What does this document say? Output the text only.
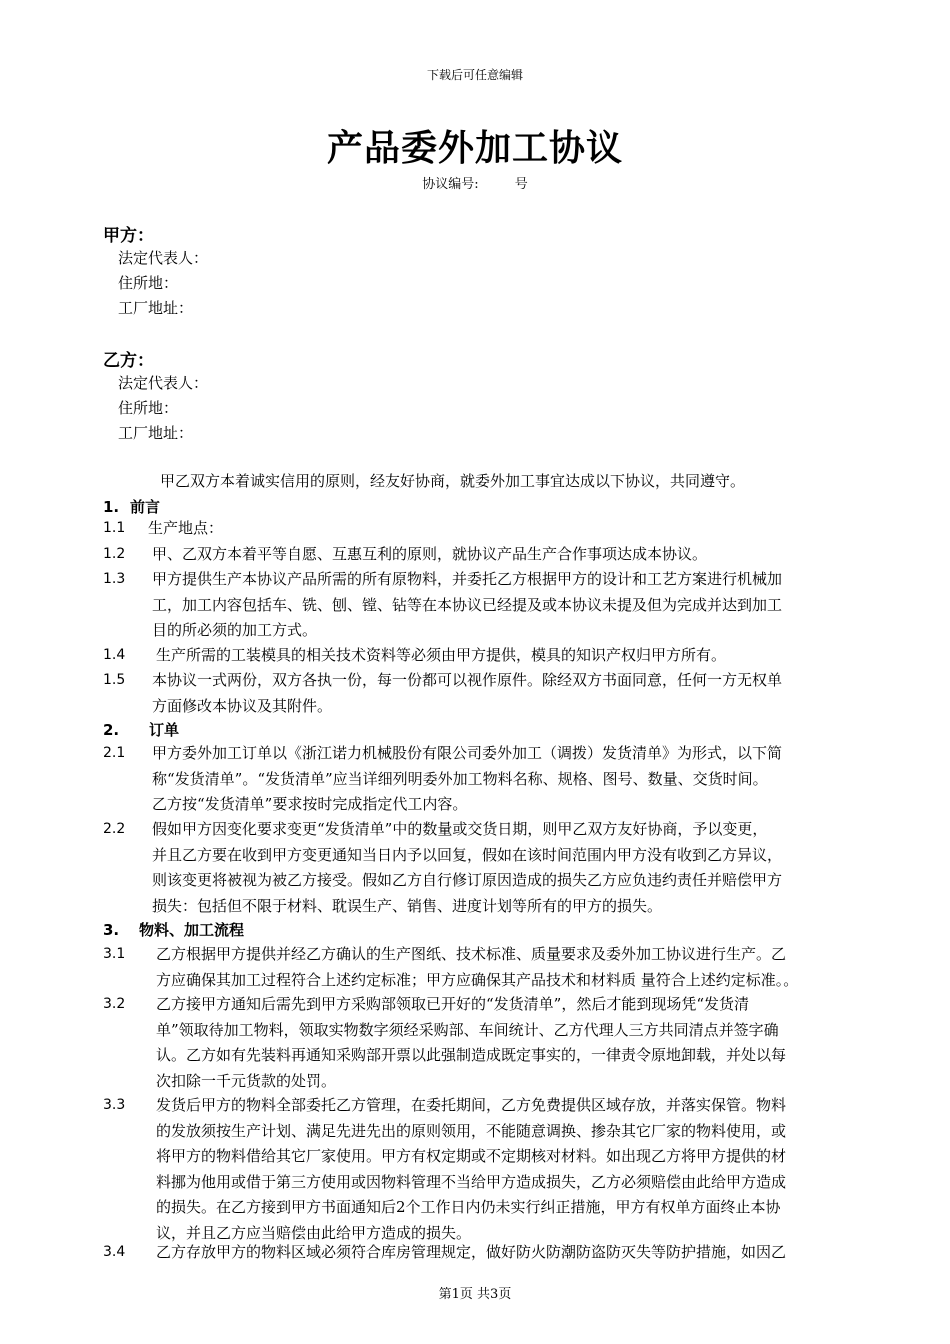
下载后可任意编辑
产品委外加工协议
协议编号:	号
甲方：
法定代表人：
住所地：
工厂地址：
乙方：
法定代表人：
住所地：
工厂地址：
甲乙双方本着诚实信用的原则，经友好协商，就委外加工事宜达成以下协议，共同遵守。
1. 前言
1.1	生产地点：
1.2	甲、乙双方本着平等自愿、互惠互利的原则，就协议产品生产合作事项达成本协议。
1.3	甲方提供生产本协议产品所需的所有原物料，并委托乙方根据甲方的设计和工艺方案进行机械加
工，加工内容包括车、铣、刨、镗、钻等在本协议已经提及或本协议未提及但为完成并达到加工
目的所必须的加工方式。
1.4	生产所需的工装模具的相关技术资料等必须由甲方提供，模具的知识产权归甲方所有。
1.5	本协议一式两份，双方各执一份，每一份都可以视作原件。除经双方书面同意，任何一方无权单
方面修改本协议及其附件。
2. 订单
2.1	甲方委外加工订单以《浙江诺力机械股份有限公司委外加工（调拨）发货清单》为形式，以下简
称“发货清单”。“发货清单”应当详细列明委外加工物料名称、规格、图号、数量、交货时间。
乙方按“发货清单”要求按时完成指定代工内容。
2.2	假如甲方因变化要求变更“发货清单”中的数量或交货日期，则甲乙双方友好协商，予以变更，
并且乙方要在收到甲方变更通知当日内予以回复，假如在该时间范围内甲方没有收到乙方异议，
则该变更将被视为被乙方接受。假如乙方自行修订原因造成的损失乙方应负违约责任并赔偿甲方
损失：包括但不限于材料、耽误生产、销售、进度计划等所有的甲方的损失。
3. 物料、加工流程
3.1	乙方根据甲方提供并经乙方确认的生产图纸、技术标准、质量要求及委外加工协议进行生产。乙
方应确保其加工过程符合上述约定标准；甲方应确保其产品技术和材料质 量符合上述约定标准。。
3.2	乙方接甲方通知后需先到甲方采购部领取已开好的“发货清单”，然后才能到现场凭“发货清
单”领取待加工物料，领取实物数字须经采购部、车间统计、乙方代理人三方共同清点并签字确
认。乙方如有先装料再通知采购部开票以此强制造成既定事实的，一律责令原地卸载，并处以每
次扣除一千元货款的处罚。
3.3	发货后甲方的物料全部委托乙方管理，在委托期间，乙方免费提供区域存放，并落实保管。物料
的发放须按生产计划、满足先进先出的原则领用，不能随意调换、掺杂其它厂家的物料使用，或
将甲方的物料借给其它厂家使用。甲方有权定期或不定期核对材料。如出现乙方将甲方提供的材
料挪为他用或借于第三方使用或因物料管理不当给甲方造成损失，乙方必须赔偿由此给甲方造成
的损失。在乙方接到甲方书面通知后2个工作日内仍未实行纠正措施，甲方有权单方面终止本协
议，并且乙方应当赔偿由此给甲方造成的损失。
3.4	乙方存放甲方的物料区域必须符合库房管理规定，做好防火防潮防盗防灭失等防护措施，如因乙
第1页 共3页
